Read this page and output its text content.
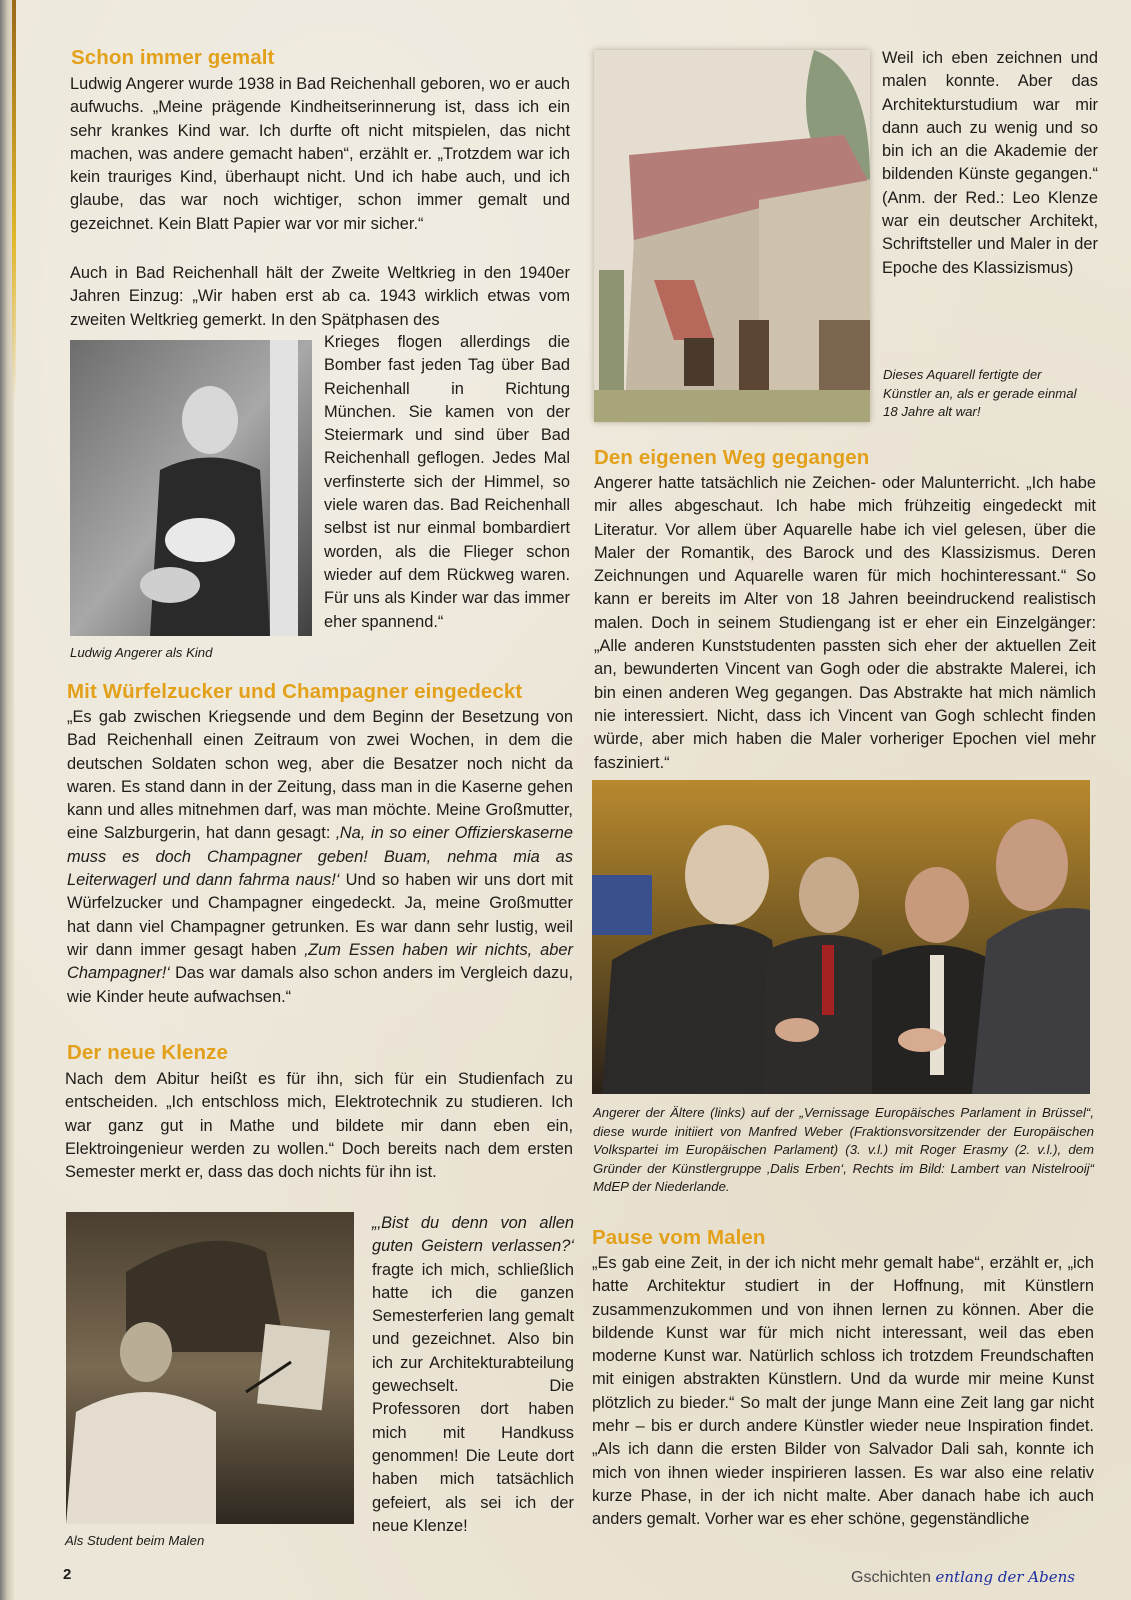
Schon immer gemalt

Ludwig Angerer wurde 1938 in Bad Reichenhall geboren, wo er auch aufwuchs. „Meine prägende Kindheitserinnerung ist, dass ich ein sehr krankes Kind war. Ich durfte oft nicht mitspielen, das nicht machen, was andere gemacht haben“, erzählt er. „Trotzdem war ich kein trauriges Kind, überhaupt nicht. Und ich habe auch, und ich glaube, das war noch wichtiger, schon immer gemalt und gezeichnet. Kein Blatt Papier war vor mir sicher.“

Auch in Bad Reichenhall hält der Zweite Weltkrieg in den 1940er Jahren Einzug: „Wir haben erst ab ca. 1943 wirklich etwas vom zweiten Weltkrieg gemerkt. In den Spätphasen des

Krieges flogen allerdings die Bomber fast jeden Tag über Bad Reichenhall in Richtung München. Sie kamen von der Steiermark und sind über Bad Reichenhall geflogen. Jedes Mal verfinsterte sich der Himmel, so viele waren das. Bad Reichenhall selbst ist nur einmal bombardiert worden, als die Flieger schon wieder auf dem Rückweg waren. Für uns als Kinder war das immer eher spannend.“

Ludwig Angerer als Kind
Mit Würfelzucker und Champagner eingedeckt

„Es gab zwischen Kriegsende und dem Beginn der Besetzung von Bad Reichenhall einen Zeitraum von zwei Wochen, in dem die deutschen Soldaten schon weg, aber die Besatzer noch nicht da waren. Es stand dann in der Zeitung, dass man in die Kaserne gehen kann und alles mitnehmen darf, was man möchte. Meine Großmutter, eine Salzburgerin, hat dann gesagt: ‚Na, in so einer Offizierskaserne muss es doch Champagner geben! Buam, nehma mia as Leiterwagerl und dann fahrma naus!‘ Und so haben wir uns dort mit Würfelzucker und Champagner eingedeckt. Ja, meine Großmutter hat dann viel Champagner getrunken. Es war dann sehr lustig, weil wir dann immer gesagt haben ‚Zum Essen haben wir nichts, aber Champagner!‘ Das war damals also schon anders im Vergleich dazu, wie Kinder heute aufwachsen.“

Der neue Klenze

Nach dem Abitur heißt es für ihn, sich für ein Studienfach zu entscheiden. „Ich entschloss mich, Elektrotechnik zu studieren. Ich war ganz gut in Mathe und bildete mir dann eben ein, Elektroingenieur werden zu wollen.“ Doch bereits nach dem ersten Semester merkt er, dass das doch nichts für ihn ist.

Als Student beim Malen

„‚Bist du denn von allen guten Geistern verlassen?‘ fragte ich mich, schließlich hatte ich die ganzen Semesterferien lang gemalt und gezeichnet. Also bin ich zur Architekturabteilung gewechselt. Die Professoren dort haben mich mit Handkuss genommen! Die Leute dort haben mich tatsächlich gefeiert, als sei ich der neue Klenze!

2

Weil ich eben zeichnen und malen konnte. Aber das Architekturstudium war mir dann auch zu wenig und so bin ich an die Akademie der bildenden Künste gegangen.“ (Anm. der Red.: Leo Klenze war ein deutscher Architekt, Schriftsteller und Maler in der Epoche des Klassizismus)

Dieses Aquarell fertigte der Künstler an, als er gerade einmal 18 Jahre alt war!
Den eigenen Weg gegangen

Angerer hatte tatsächlich nie Zeichen- oder Malunterricht. „Ich habe mir alles abgeschaut. Ich habe mich frühzeitig eingedeckt mit Literatur. Vor allem über Aquarelle habe ich viel gelesen, über die Maler der Romantik, des Barock und des Klassizismus. Deren Zeichnungen und Aquarelle waren für mich hochinteressant.“ So kann er bereits im Alter von 18 Jahren beeindruckend realistisch malen. Doch in seinem Studiengang ist er eher ein Einzelgänger: „Alle anderen Kunststudenten passten sich eher der aktuellen Zeit an, bewunderten Vincent van Gogh oder die abstrakte Malerei, ich bin einen anderen Weg gegangen. Das Abstrakte hat mich nämlich nie interessiert. Nicht, dass ich Vincent van Gogh schlecht finden würde, aber mich haben die Maler vorheriger Epochen viel mehr fasziniert.“

Angerer der Ältere (links) auf der „Vernissage Europäisches Parlament in Brüssel“, diese wurde initiiert von Manfred Weber (Fraktionsvorsitzender der Europäischen Volkspartei im Europäischen Parlament) (3. v.l.) mit Roger Erasmy (2. v.l.), dem Gründer der Künstlergruppe ‚Dalis Erben‘, Rechts im Bild: Lambert van Nistelrooij“ MdEP der Niederlande.
Pause vom Malen

„Es gab eine Zeit, in der ich nicht mehr gemalt habe“, erzählt er, „ich hatte Architektur studiert in der Hoffnung, mit Künstlern zusammenzukommen und von ihnen lernen zu können. Aber die bildende Kunst war für mich nicht interessant, weil das eben moderne Kunst war. Natürlich schloss ich trotzdem Freundschaften mit einigen abstrakten Künstlern. Und da wurde mir meine Kunst plötzlich zu bieder.“ So malt der junge Mann eine Zeit lang gar nicht mehr – bis er durch andere Künstler wieder neue Inspiration findet. „Als ich dann die ersten Bilder von Salvador Dali sah, konnte ich mich von ihnen wieder inspirieren lassen. Es war also eine relativ kurze Phase, in der ich nicht malte. Aber danach habe ich auch anders gemalt. Vorher war es eher schöne, gegenständliche

Gschichten entlang der Abens
